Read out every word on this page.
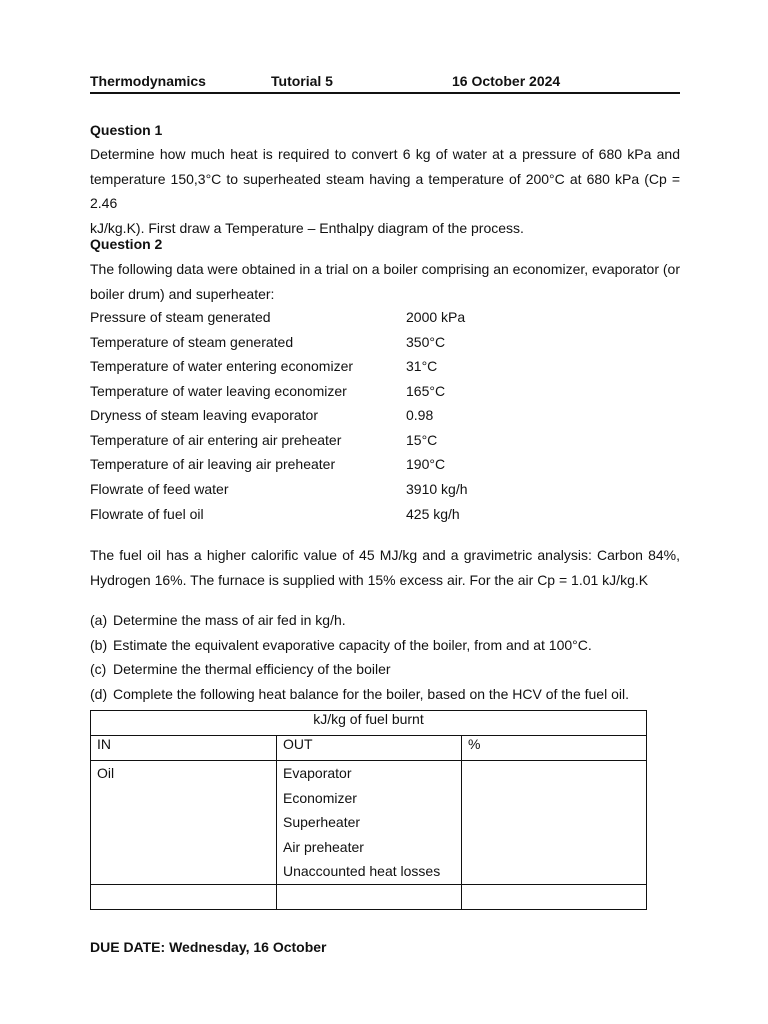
Thermodynamics	Tutorial 5	16 October 2024
Question 1
Determine how much heat is required to convert 6 kg of water at a pressure of 680 kPa and
temperature 150,3°C to superheated steam having a temperature of 200°C at 680 kPa (Cp = 2.46
kJ/kg.K). First draw a Temperature – Enthalpy diagram of the process.
Question 2
The following data were obtained in a trial on a boiler comprising an economizer, evaporator (or
boiler drum) and superheater:
Pressure of steam generated	2000 kPa
Temperature of steam generated	350°C
Temperature of water entering economizer	31°C
Temperature of water leaving economizer	165°C
Dryness of steam leaving evaporator	0.98
Temperature of air entering air preheater	15°C
Temperature of air leaving air preheater	190°C
Flowrate of feed water	3910 kg/h
Flowrate of fuel oil	425 kg/h
The fuel oil has a higher calorific value of 45 MJ/kg and a gravimetric analysis: Carbon 84%,
Hydrogen 16%. The furnace is supplied with 15% excess air. For the air Cp = 1.01 kJ/kg.K
(a) Determine the mass of air fed in kg/h.
(b) Estimate the equivalent evaporative capacity of the boiler, from and at 100°C.
(c) Determine the thermal efficiency of the boiler
(d) Complete the following heat balance for the boiler, based on the HCV of the fuel oil.
kJ/kg of fuel burnt		
IN	OUT	%

Oil	Evaporator
Economizer
Superheater
Air preheater
Unaccounted heat losses	

DUE DATE: Wednesday, 16 October
